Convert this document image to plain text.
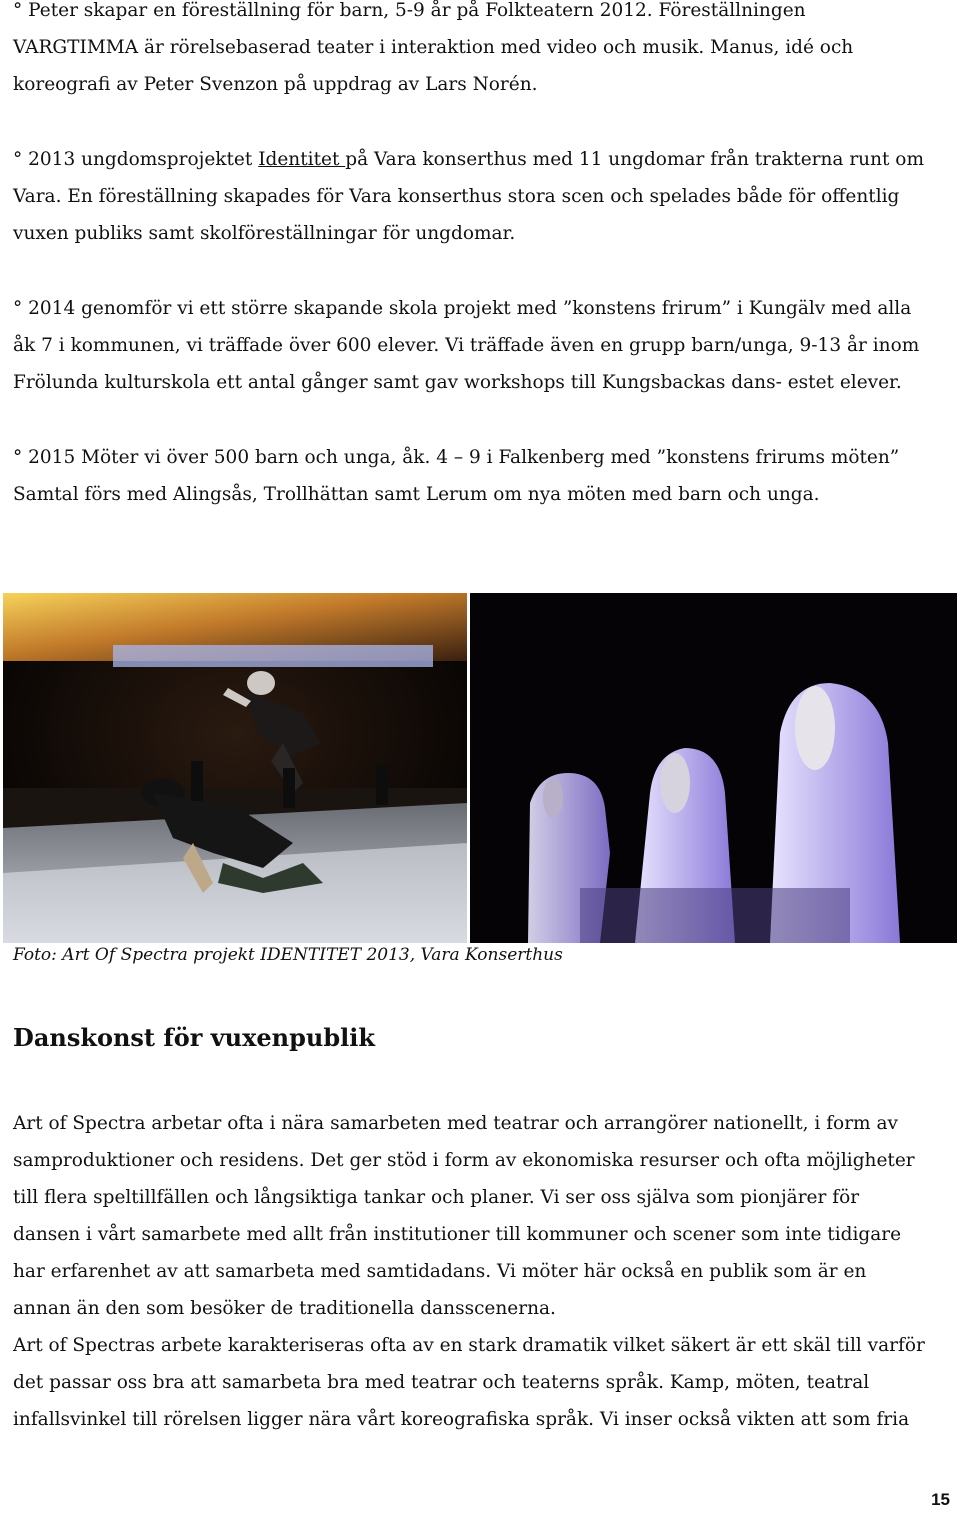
° Peter skapar en föreställning för barn, 5-9 år på Folkteatern 2012. Föreställningen
VARGTIMMA är rörelsebaserad teater i interaktion med video och musik. Manus, idé och
koreografi av Peter Svenzon på uppdrag av Lars Norén.
° 2013 ungdomsprojektet Identitet på Vara konserthus med 11 ungdomar från trakterna runt om
Vara. En föreställning skapades för Vara konserthus stora scen och spelades både för offentlig
vuxen publiks samt skolföreställningar för ungdomar.
° 2014 genomför vi ett större skapande skola projekt med ”konstens frirum” i Kungälv med alla
åk 7 i kommunen, vi träffade över 600 elever. Vi träffade även en grupp barn/unga, 9-13 år inom
Frölunda kulturskola ett antal gånger samt gav workshops till Kungsbackas dans- estet elever.
° 2015 Möter vi över 500 barn och unga, åk. 4 – 9 i Falkenberg med ”konstens frirums möten”
Samtal förs med Alingsås, Trollhättan samt Lerum om nya möten med barn och unga.
Foto: Art Of Spectra projekt IDENTITET 2013, Vara Konserthus
Danskonst för vuxenpublik
Art of Spectra arbetar ofta i nära samarbeten med teatrar och arrangörer nationellt, i form av
samproduktioner och residens. Det ger stöd i form av ekonomiska resurser och ofta möjligheter
till flera speltillfällen och långsiktiga tankar och planer. Vi ser oss själva som pionjärer för
dansen i vårt samarbete med allt från institutioner till kommuner och scener som inte tidigare
har erfarenhet av att samarbeta med samtidadans. Vi möter här också en publik som är en
annan än den som besöker de traditionella dansscenerna.
Art of Spectras arbete karakteriseras ofta av en stark dramatik vilket säkert är ett skäl till varför
det passar oss bra att samarbeta bra med teatrar och teaterns språk. Kamp, möten, teatral
infallsvinkel till rörelsen ligger nära vårt koreografiska språk. Vi inser också vikten att som fria
15
